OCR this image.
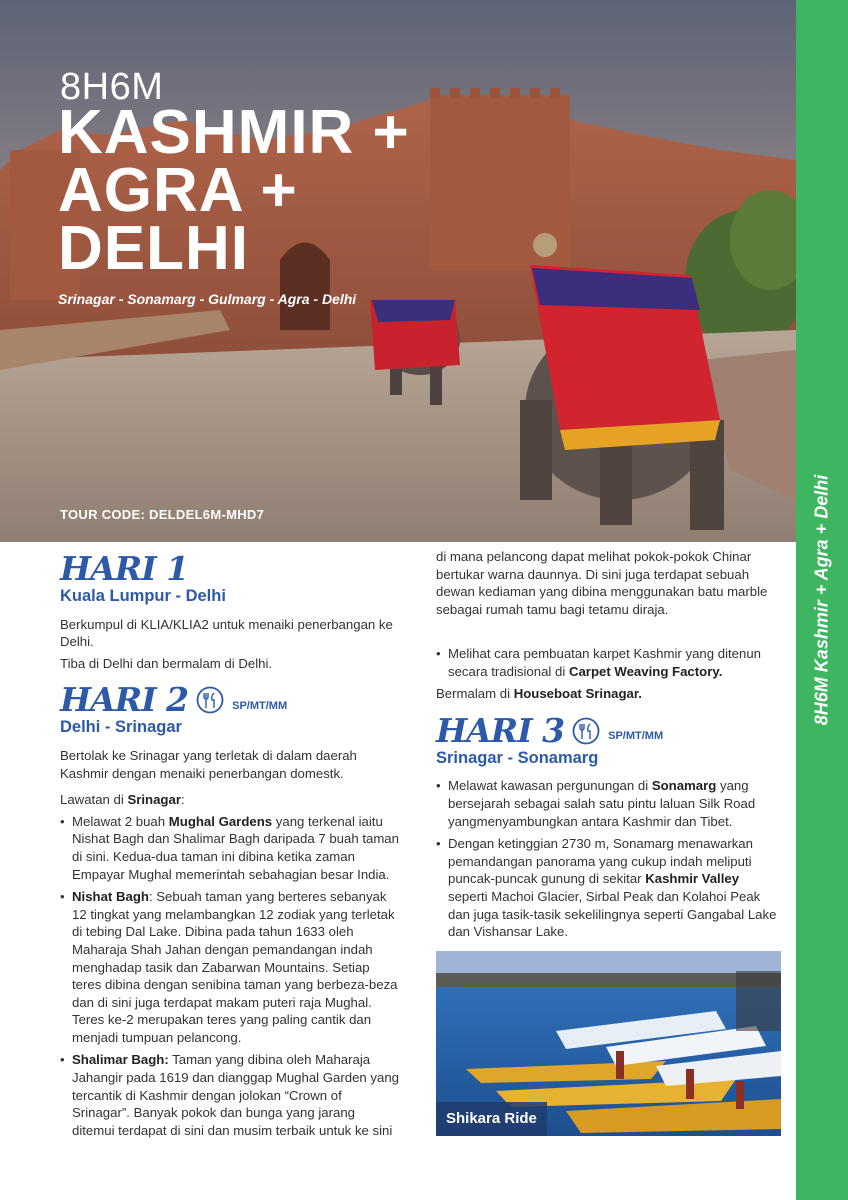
8H6M
KASHMIR +
AGRA +
DELHI
Srinagar - Sonamarg - Gulmarg - Agra - Delhi
TOUR CODE: DELDEL6M-MHD7	8H6M Kashmir + Agra + Delhi
HARI 1
Kuala Lumpur - Delhi
Berkumpul di KLIA/KLIA2 untuk menaiki penerbangan ke Delhi.
Tiba di Delhi dan bermalam di Delhi.
HARI 2	SP/MT/MM
Delhi - Srinagar
Bertolak ke Srinagar yang terletak di dalam daerah Kashmir dengan menaiki penerbangan domestk.
Lawatan di Srinagar:
• Melawat 2 buah Mughal Gardens yang terkenal iaitu Nishat Bagh dan Shalimar Bagh daripada 7 buah taman di sini. Kedua-dua taman ini dibina ketika zaman Empayar Mughal memerintah sebahagian besar India.
• Nishat Bagh: Sebuah taman yang berteres sebanyak 12 tingkat yang melambangkan 12 zodiak yang terletak di tebing Dal Lake. Dibina pada tahun 1633 oleh Maharaja Shah Jahan dengan pemandangan indah menghadap tasik dan Zabarwan Mountains. Setiap teres dibina dengan senibina taman yang berbeza-beza dan di sini juga terdapat makam puteri raja Mughal. Teres ke-2 merupakan teres yang paling cantik dan menjadi tumpuan pelancong.
• Shalimar Bagh: Taman yang dibina oleh Maharaja Jahangir pada 1619 dan dianggap Mughal Garden yang tercantik di Kashmir dengan jolokan “Crown of Srinagar”. Banyak pokok dan bunga yang jarang ditemui terdapat di sini dan musim terbaik untuk ke sini
di mana pelancong dapat melihat pokok-pokok Chinar bertukar warna daunnya. Di sini juga terdapat sebuah dewan kediaman yang dibina menggunakan batu marble sebagai rumah tamu bagi tetamu diraja.
• Melihat cara pembuatan karpet Kashmir yang ditenun secara tradisional di Carpet Weaving Factory.
Bermalam di Houseboat Srinagar.
HARI 3	SP/MT/MM
Srinagar - Sonamarg
• Melawat kawasan pergunungan di Sonamarg yang bersejarah sebagai salah satu pintu laluan Silk Road yangmenyambungkan antara Kashmir dan Tibet.
• Dengan ketinggian 2730 m, Sonamarg menawarkan pemandangan panorama yang cukup indah meliputi puncak-puncak gunung di sekitar Kashmir Valley seperti Machoi Glacier, Sirbal Peak dan Kolahoi Peak dan juga tasik-tasik sekelilingnya seperti Gangabal Lake dan Vishansar Lake.
Shikara Ride
